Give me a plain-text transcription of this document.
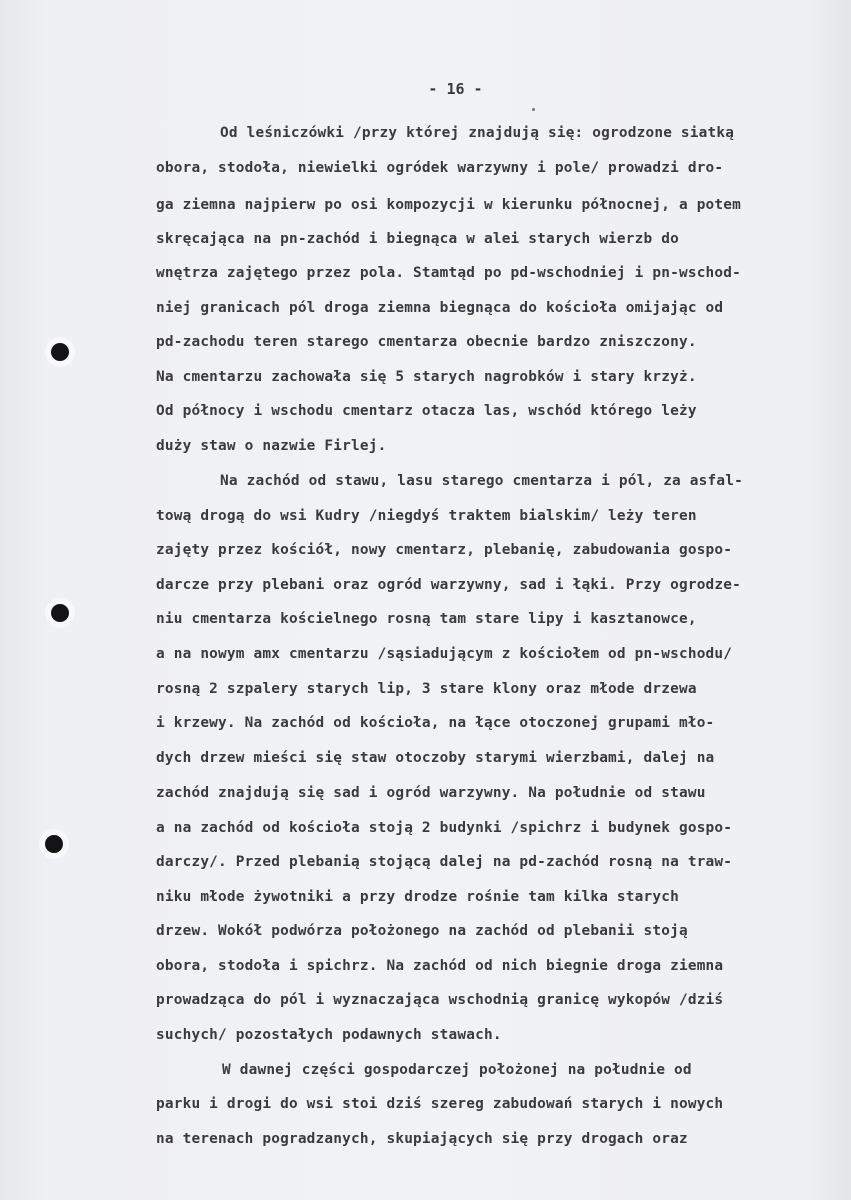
- 16 -
Od leśniczówki /przy której znajdują się: ogrodzone siatką
obora, stodoła, niewielki ogródek warzywny i pole/ prowadzi dro-
ga ziemna najpierw po osi kompozycji w kierunku północnej, a potem
skręcająca na pn-zachód i biegnąca w alei starych wierzb do
wnętrza zajętego przez pola. Stamtąd po pd-wschodniej i pn-wschod-
niej granicach pól droga ziemna biegnąca do kościoła omijając od
pd-zachodu teren starego cmentarza obecnie bardzo zniszczony.
Na cmentarzu zachowała się 5 starych nagrobków i stary krzyż.
Od północy i wschodu cmentarz otacza las, wschód którego leży
duży staw o nazwie Firlej.
Na zachód od stawu, lasu starego cmentarza i pól, za asfal-
tową drogą do wsi Kudry /niegdyś traktem bialskim/ leży teren
zajęty przez kościół, nowy cmentarz, plebanię, zabudowania gospo-
darcze przy plebani oraz ogród warzywny, sad i łąki. Przy ogrodze-
niu cmentarza kościelnego rosną tam stare lipy i kasztanowce,
a na nowym amx cmentarzu /sąsiadującym z kościołem od pn-wschodu/
rosną 2 szpalery starych lip, 3 stare klony oraz młode drzewa
i krzewy. Na zachód od kościoła, na łące otoczonej grupami mło-
dych drzew mieści się staw otoczoby starymi wierzbami, dalej na
zachód znajdują się sad i ogród warzywny. Na południe od stawu
a na zachód od kościoła stoją 2 budynki /spichrz i budynek gospo-
darczy/. Przed plebanią stojącą dalej na pd-zachód rosną na traw-
niku młode żywotniki a przy drodze rośnie tam kilka starych
drzew. Wokół podwórza położonego na zachód od plebanii stoją
obora, stodoła i spichrz. Na zachód od nich biegnie droga ziemna
prowadząca do pól i wyznaczająca wschodnią granicę wykopów /dziś
suchych/ pozostałych podawnych stawach.
W dawnej części gospodarczej położonej na południe od
parku i drogi do wsi stoi dziś szereg zabudowań starych i nowych
na terenach pogradzanych, skupiających się przy drogach oraz
